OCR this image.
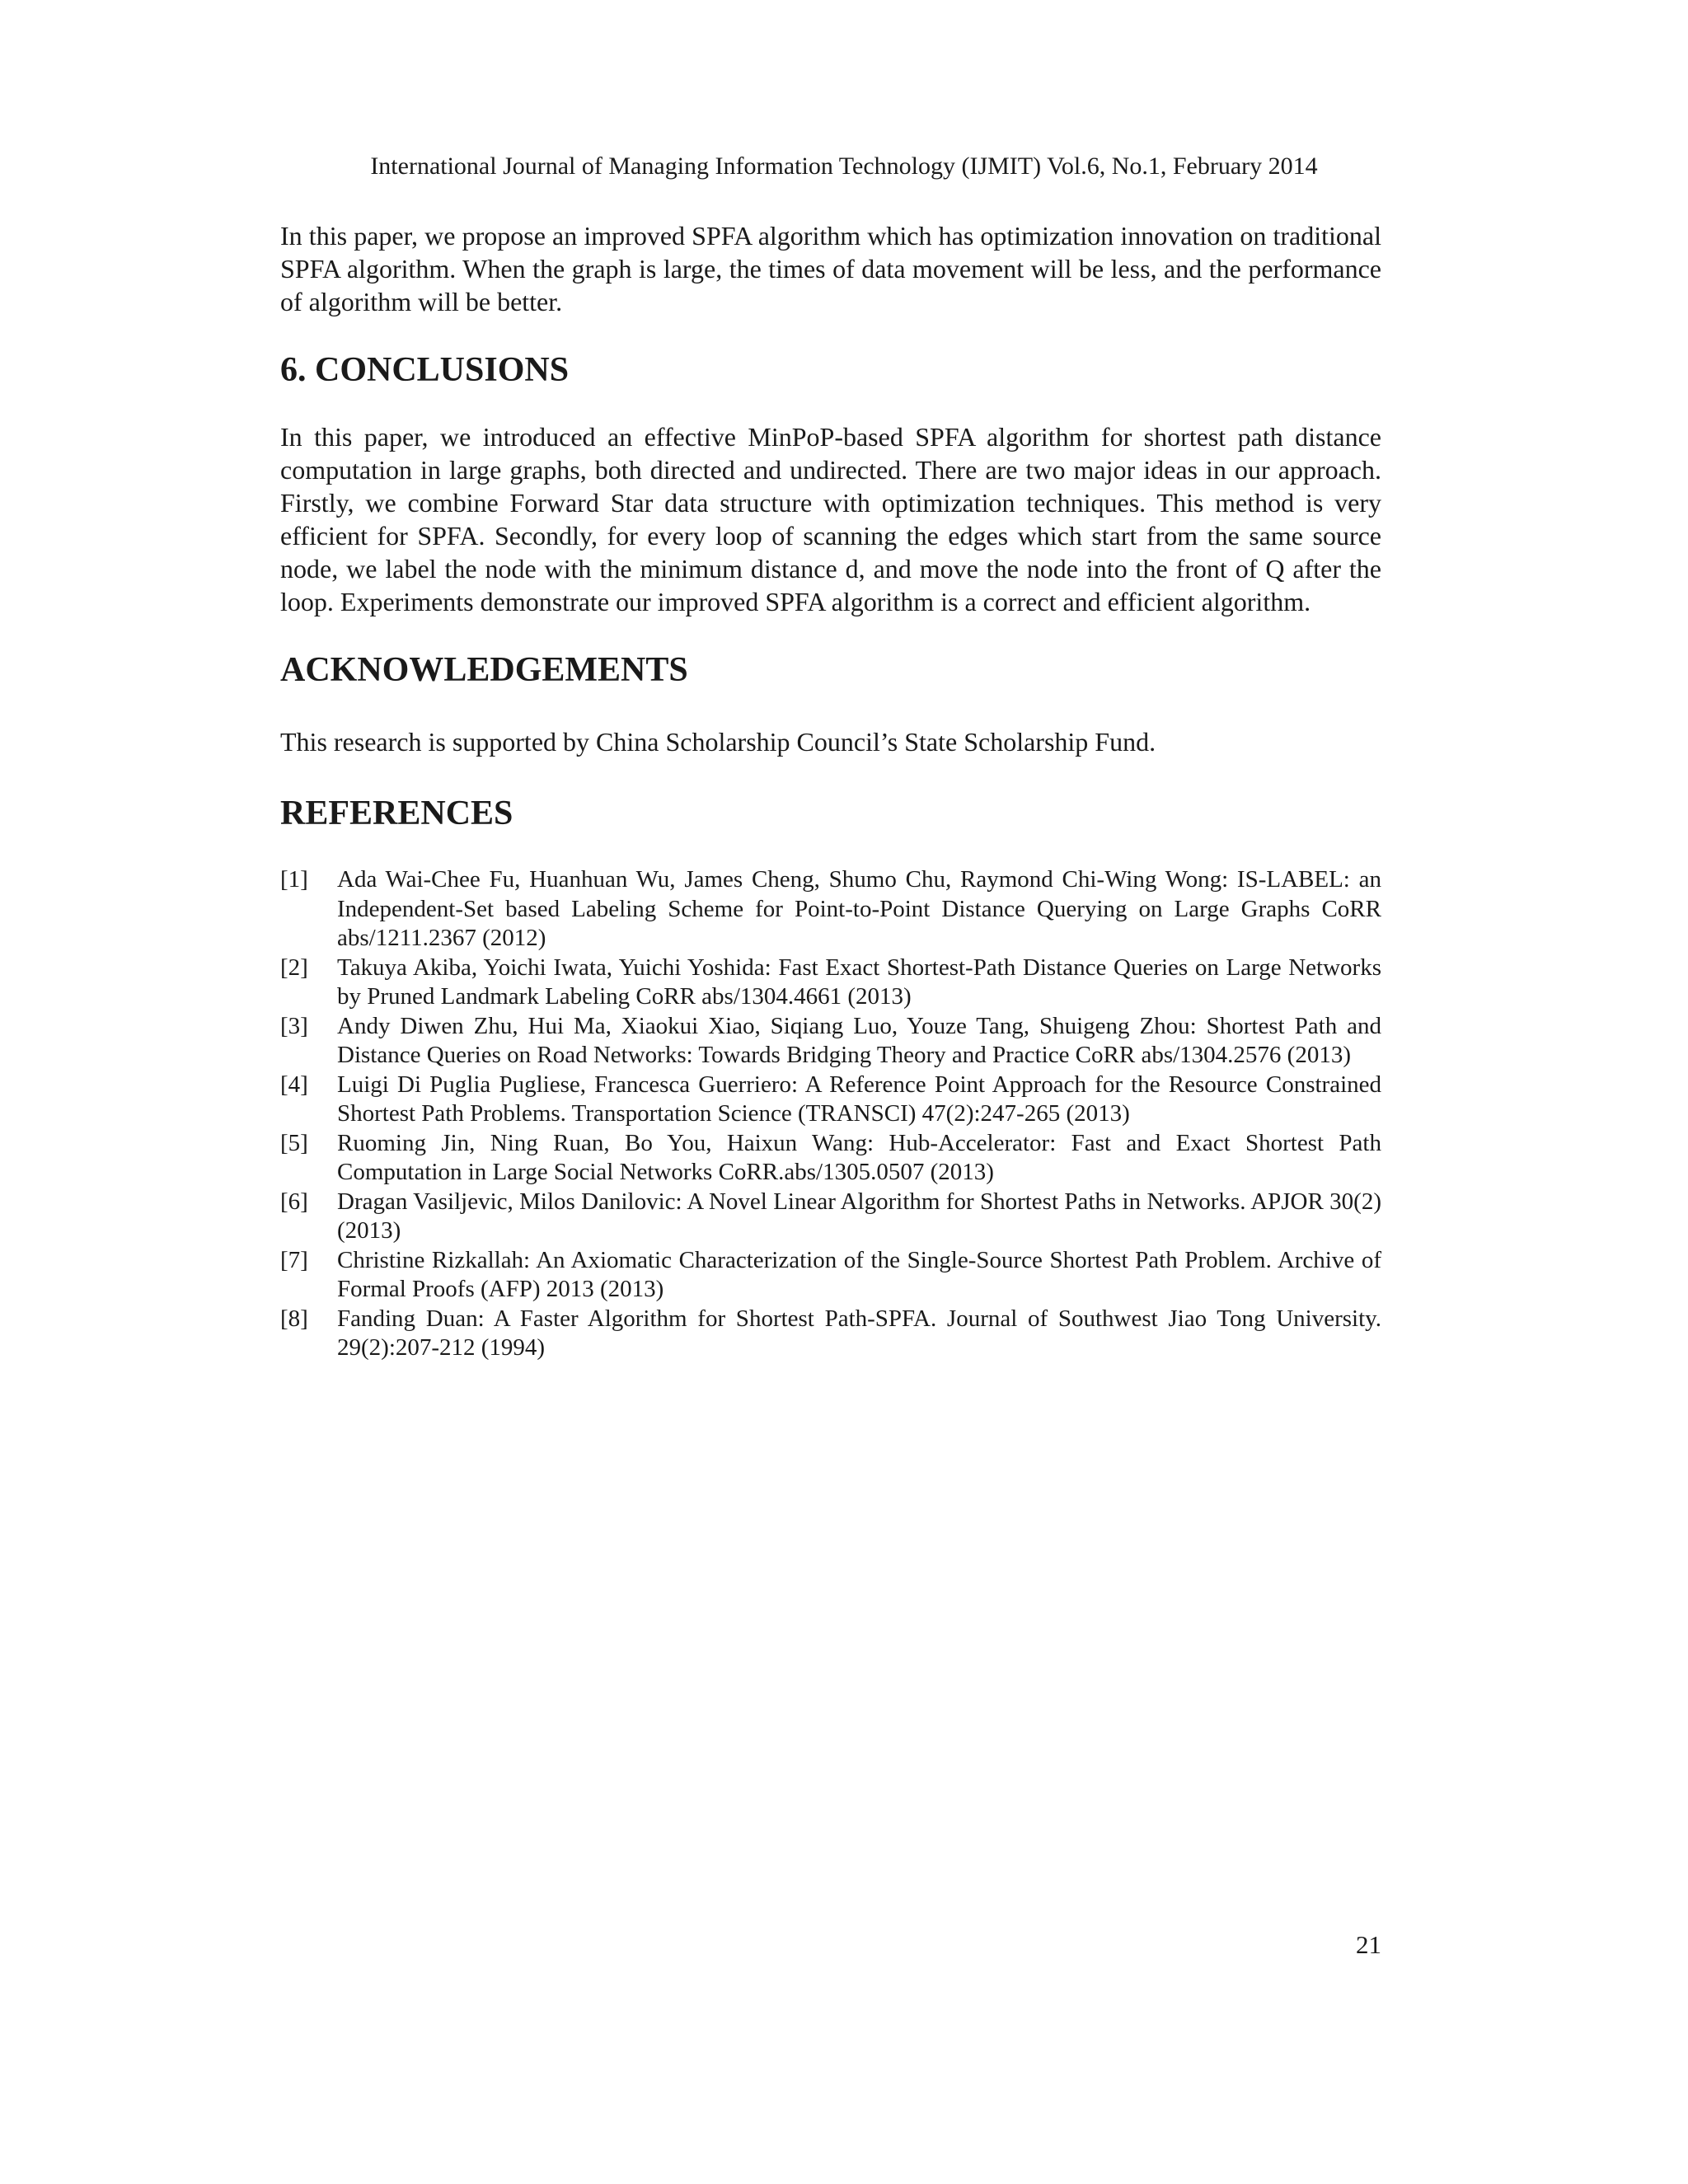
International Journal of Managing Information Technology (IJMIT) Vol.6, No.1, February 2014

In this paper, we propose an improved SPFA algorithm which has optimization innovation on traditional SPFA algorithm. When the graph is large, the times of data movement will be less, and the performance of algorithm will be better.

6. CONCLUSIONS

In this paper, we introduced an effective MinPoP-based SPFA algorithm for shortest path distance computation in large graphs, both directed and undirected. There are two major ideas in our approach. Firstly, we combine Forward Star data structure with optimization techniques. This method is very efficient for SPFA. Secondly, for every loop of scanning the edges which start from the same source node, we label the node with the minimum distance d, and move the node into the front of Q after the loop. Experiments demonstrate our improved SPFA algorithm is a correct and efficient algorithm.

ACKNOWLEDGEMENTS

This research is supported by China Scholarship Council’s State Scholarship Fund.

REFERENCES
[1]	Ada Wai-Chee Fu, Huanhuan Wu, James Cheng, Shumo Chu, Raymond Chi-Wing Wong: IS-LABEL: an Independent-Set based Labeling Scheme for Point-to-Point Distance Querying on Large Graphs CoRR abs/1211.2367 (2012)
[2]	Takuya Akiba, Yoichi Iwata, Yuichi Yoshida: Fast Exact Shortest-Path Distance Queries on Large Networks by Pruned Landmark Labeling CoRR abs/1304.4661 (2013)
[3]	Andy Diwen Zhu, Hui Ma, Xiaokui Xiao, Siqiang Luo, Youze Tang, Shuigeng Zhou: Shortest Path and Distance Queries on Road Networks: Towards Bridging Theory and Practice CoRR abs/1304.2576 (2013)
[4]	Luigi Di Puglia Pugliese, Francesca Guerriero: A Reference Point Approach for the Resource Constrained Shortest Path Problems. Transportation Science (TRANSCI) 47(2):247-265 (2013)
[5]	Ruoming Jin, Ning Ruan, Bo You, Haixun Wang: Hub-Accelerator: Fast and Exact Shortest Path Computation in Large Social Networks CoRR.abs/1305.0507 (2013)
[6]	Dragan Vasiljevic, Milos Danilovic: A Novel Linear Algorithm for Shortest Paths in Networks. APJOR 30(2) (2013)
[7]	Christine Rizkallah: An Axiomatic Characterization of the Single-Source Shortest Path Problem. Archive of Formal Proofs (AFP) 2013 (2013)
[8]	Fanding Duan: A Faster Algorithm for Shortest Path-SPFA. Journal of Southwest Jiao Tong University. 29(2):207-212 (1994)
21
